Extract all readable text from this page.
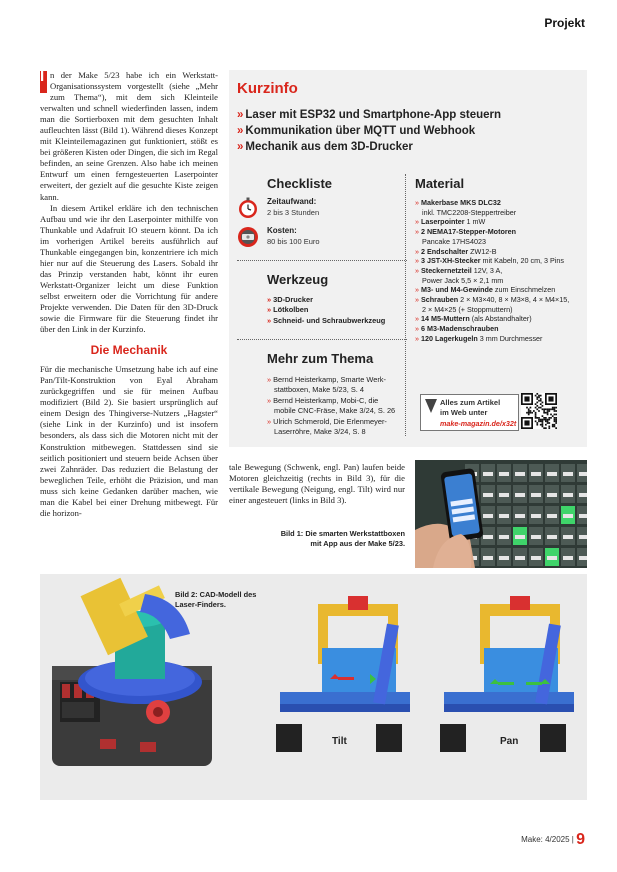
Projekt

I n der Make 5/23 habe ich ein Werkstatt-Organisationssystem vorgestellt (siehe „Mehr zum Thema“), mit dem sich Kleinteile verwalten und schnell wiederfinden lassen, indem man die Sortierboxen mit dem gesuchten Inhalt aufleuchten lässt (Bild 1). Während dieses Konzept mit Kleinteilemagazinen gut funktioniert, stößt es bei größeren Kisten oder Dingen, die sich im Regal befinden, an seine Grenzen. Also habe ich meinen Entwurf um einen ferngesteuerten Laserpointer erweitert, der gezielt auf die gesuchte Kiste zeigen kann.

In diesem Artikel erkläre ich den technischen Aufbau und wie ihr den Laserpointer mithilfe von Thunkable und Adafruit IO steuern könnt. Da ich im vorherigen Artikel bereits ausführlich auf Thunkable eingegangen bin, konzentriere ich mich hier nur auf die Steuerung des Lasers. Sobald ihr das Prinzip verstanden habt, könnt ihr euren Werkstatt-Organizer leicht um diese Funktion selbst erweitern oder die Vorrichtung für andere Projekte verwenden. Die Daten für den 3D-Druck sowie die Firmware für die Steuerung findet ihr über den Link in der Kurzinfo.

Die Mechanik

Für die mechanische Umsetzung habe ich auf eine Pan/Tilt-Konstruktion von Eyal Abraham zurückgegriffen und sie für meinen Aufbau modifiziert (Bild 2). Sie basiert ursprünglich auf einem Design des Thingiverse-Nutzers „Hagster“ (siehe Link in der Kurzinfo) und ist insofern besonders, als dass sich die Motoren nicht mit der Konstruktion mitbewegen. Stattdessen sind sie seitlich positioniert und steuern beide Achsen über zwei Zahnräder. Das reduziert die Belastung der beweglichen Teile, erhöht die Präzision, und man muss sich keine Gedanken darüber machen, wie man die Kabel bei einer Drehung mitbewegt. Für die horizon-

Kurzinfo
» Laser mit ESP32 und Smartphone-App steuern
» Kommunikation über MQTT und Webhook
» Mechanik aus dem 3D-Drucker
Checkliste
Zeitaufwand:
2 bis 3 Stunden
Kosten:
80 bis 100 Euro
Werkzeug
» 3D-Drucker
» Lötkolben
» Schneid- und Schraubwerkzeug
Mehr zum Thema
» Bernd Heisterkamp, Smarte Werk-
stattboxen, Make 5/23, S. 4
» Bernd Heisterkamp, Mobi-C, die
mobile CNC-Fräse, Make 3/24, S. 26
» Ulrich Schmerold, Die Erlenmeyer-
Laserröhre, Make 3/24, S. 8
Material
» Makerbase MKS DLC32
inkl. TMC2208-Steppertreiber
» Laserpointer 1 mW
» 2 NEMA17-Stepper-Motoren
Pancake 17HS4023
» 2 Endschalter ZW12-B
» 3 JST-XH-Stecker mit Kabeln, 20 cm, 3 Pins
» Steckernetzteil 12V, 3 A,
Power Jack 5,5 × 2,1 mm
» M3- und M4-Gewinde zum Einschmelzen
» Schrauben 2 × M3×40, 8 × M3×8, 4 × M4×15,
2 × M4×25 (+ Stoppmuttern)
» 14 M5-Muttern (als Abstandhalter)
» 6 M3-Madenschrauben
» 120 Lagerkugeln 3 mm Durchmesser
Alles zum Artikel
im Web unter
make-magazin.de/x32t
tale Bewegung (Schwenk, engl. Pan) laufen beide Motoren gleichzeitig (rechts in Bild 3), für die vertikale Bewegung (Neigung, engl. Tilt) wird nur einer angesteuert (links in Bild 3).
Bild 1: Die smarten Werkstattboxen
mit App aus der Make 5/23.
Bild 2: CAD-Modell des
Laser-Finders.
Tilt	Pan
Make: 4/2025 | 9
